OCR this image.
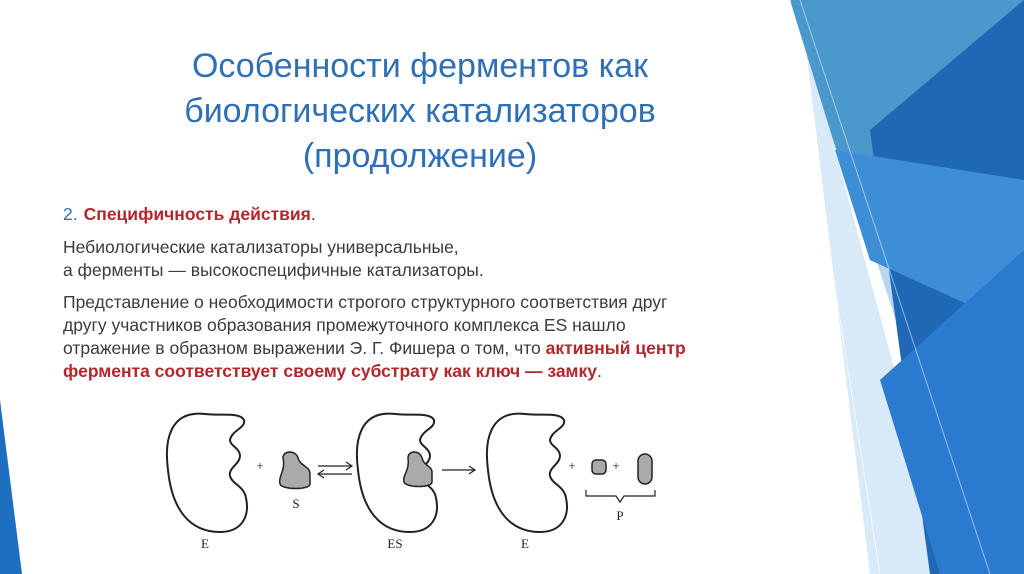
Особенности ферментов как
биологических катализаторов
(продолжение)
2. Специфичность действия.
Небиологические катализаторы универсальные,
а ферменты — высокоспецифичные катализаторы.
Представление о необходимости строгого структурного соответствия друг
другу участников образования промежуточного комплекса ES нашло
отражение в образном выражении Э. Г. Фишера о том, что активный центр
фермента соответствует своему субстрату как ключ — замку.
E
+
S
ES	E
+	+
P
